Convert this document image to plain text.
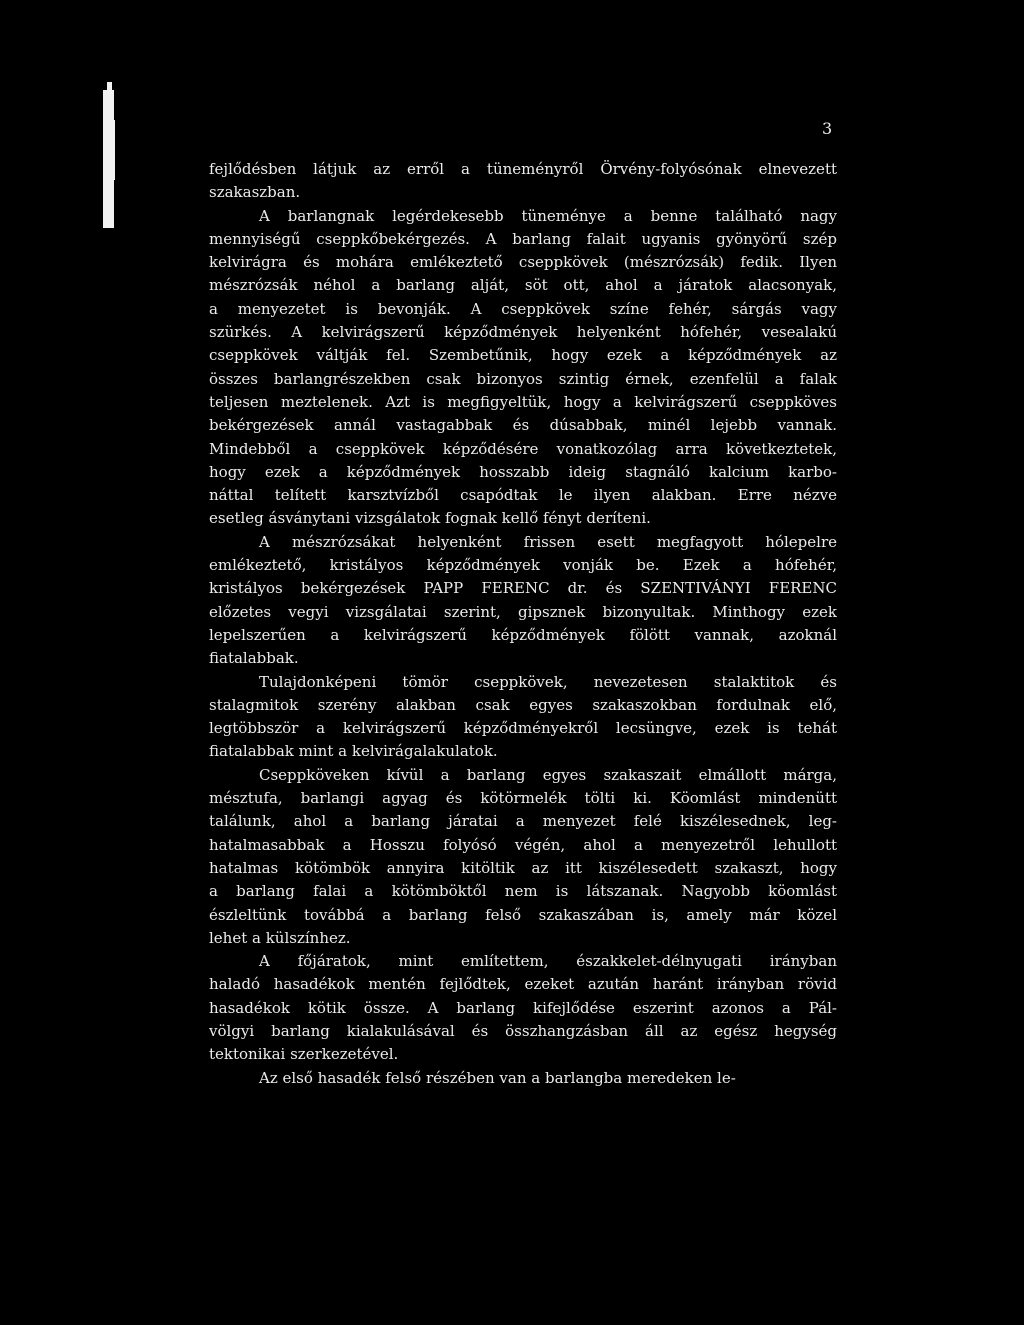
3
fejlődésben látjuk az erről a tüneményről Örvény-folyósónak elnevezett
szakaszban.
A barlangnak legérdekesebb tüneménye a benne található nagy
mennyiségű cseppkőbekérgezés. A barlang falait ugyanis gyönyörű szép
kelvirágra és mohára emlékeztető cseppkövek (mészrózsák) fedik. Ilyen
mészrózsák néhol a barlang alját, söt ott, ahol a járatok alacsonyak,
a menyezetet is bevonják. A cseppkövek színe fehér, sárgás vagy
szürkés. A kelvirágszerű képződmények helyenként hófehér, vesealakú
cseppkövek váltják fel. Szembetűnik, hogy ezek a képződmények az
összes barlangrészekben csak bizonyos szintig érnek, ezenfelül a falak
teljesen meztelenek. Azt is megfigyeltük, hogy a kelvirágszerű cseppköves
bekérgezések annál vastagabbak és dúsabbak, minél lejebb vannak.
Mindebből a cseppkövek képződésére vonatkozólag arra következtetek,
hogy ezek a képződmények hosszabb ideig stagnáló kalcium karbo-
náttal telített karsztvízből csapódtak le ilyen alakban. Erre nézve
esetleg ásványtani vizsgálatok fognak kellő fényt deríteni.
A mészrózsákat helyenként frissen esett megfagyott hólepelre
emlékeztető, kristályos képződmények vonják be. Ezek a hófehér,
kristályos bekérgezések PAPP FERENC dr. és SZENTIVÁNYI FERENC
előzetes vegyi vizsgálatai szerint, gipsznek bizonyultak. Minthogy ezek
lepelszerűen a kelvirágszerű képződmények fölött vannak, azoknál
fiatalabbak.
Tulajdonképeni tömör cseppkövek, nevezetesen stalaktitok és
stalagmitok szerény alakban csak egyes szakaszokban fordulnak elő,
legtöbbször a kelvirágszerű képződményekről lecsüngve, ezek is tehát
fiatalabbak mint a kelvirágalakulatok.
Cseppköveken kívül a barlang egyes szakaszait elmállott márga,
mésztufa, barlangi agyag és kötörmelék tölti ki. Köomlást mindenütt
találunk, ahol a barlang járatai a menyezet felé kiszélesednek, leg-
hatalmasabbak a Hosszu folyósó végén, ahol a menyezetről lehullott
hatalmas kötömbök annyira kitöltik az itt kiszélesedett szakaszt, hogy
a barlang falai a kötömböktől nem is látszanak. Nagyobb köomlást
észleltünk továbbá a barlang felső szakaszában is, amely már közel
lehet a külszínhez.
A főjáratok, mint említettem, északkelet-délnyugati irányban
haladó hasadékok mentén fejlődtek, ezeket azután haránt irányban rövid
hasadékok kötik össze. A barlang kifejlődése eszerint azonos a Pál-
völgyi barlang kialakulásával és összhangzásban áll az egész hegység
tektonikai szerkezetével.
Az első hasadék felső részében van a barlangba meredeken le-
